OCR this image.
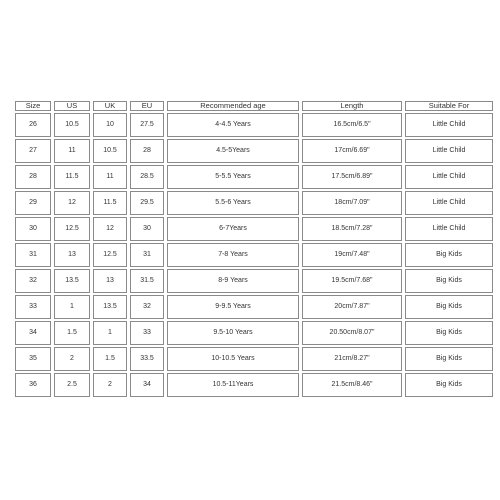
Size	US	UK	EU	Recommended age	Length	Suitable For
26	10.5	10	27.5	4-4.5 Years	16.5cm/6.5"	Little Child
27	11	10.5	28	4.5-5Years	17cm/6.69"	Little Child
28	11.5	11	28.5	5-5.5 Years	17.5cm/6.89"	Little Child
29	12	11.5	29.5	5.5-6 Years	18cm/7.09"	Little Child
30	12.5	12	30	6-7Years	18.5cm/7.28"	Little Child
31	13	12.5	31	7-8 Years	19cm/7.48"	Big Kids
32	13.5	13	31.5	8-9 Years	19.5cm/7.68"	Big Kids
33	1	13.5	32	9-9.5 Years	20cm/7.87"	Big Kids
34	1.5	1	33	9.5-10 Years	20.50cm/8.07"	Big Kids
35	2	1.5	33.5	10-10.5 Years	21cm/8.27"	Big Kids
36	2.5	2	34	10.5-11Years	21.5cm/8.46"	Big Kids
